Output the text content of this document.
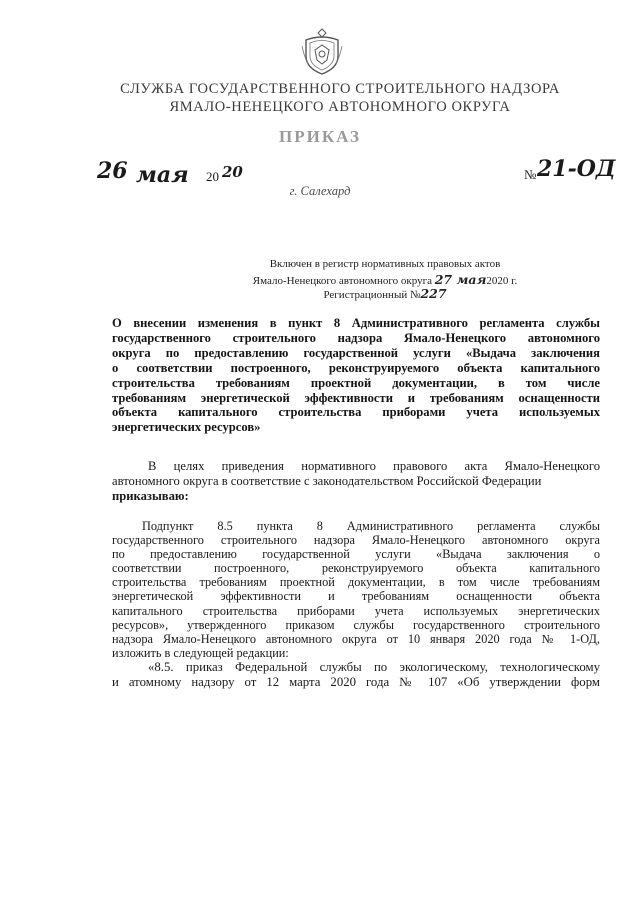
СЛУЖБА ГОСУДАРСТВЕННОГО СТРОИТЕЛЬНОГО НАДЗОРА
ЯМАЛО-НЕНЕЦКОГО АВТОНОМНОГО ОКРУГА
ПРИКАЗ
26 мая 20 20	№ 21-ОД
г. Салехард
Включен в регистр нормативных правовых актов
Ямало-Ненецкого автономного округа 27 мая2020 г.
Регистрационный №227
О внесении изменения в пункт 8 Административного регламента службы
государственного строительного надзора Ямало-Ненецкого автономного
округа по предоставлению государственной услуги «Выдача заключения
о соответствии построенного, реконструируемого объекта капитального
строительства требованиям проектной документации, в том числе
требованиям энергетической эффективности и требованиям оснащенности
объекта капитального строительства приборами учета используемых
энергетических ресурсов»
В целях приведения нормативного правового акта Ямало-Ненецкого
автономного округа в соответствие с законодательством Российской Федерации
приказываю:
Подпункт 8.5 пункта 8 Административного регламента службы
государственного строительного надзора Ямало-Ненецкого автономного округа
по предоставлению государственной услуги «Выдача заключения о
соответствии построенного, реконструируемого объекта капитального
строительства требованиям проектной документации, в том числе требованиям
энергетической эффективности и требованиям оснащенности объекта
капитального строительства приборами учета используемых энергетических
ресурсов», утвержденного приказом службы государственного строительного
надзора Ямало-Ненецкого автономного округа от 10 января 2020 года № 1-ОД,
изложить в следующей редакции:
«8.5. приказ Федеральной службы по экологическому, технологическому
и атомному надзору от 12 марта 2020 года № 107 «Об утверждении форм
